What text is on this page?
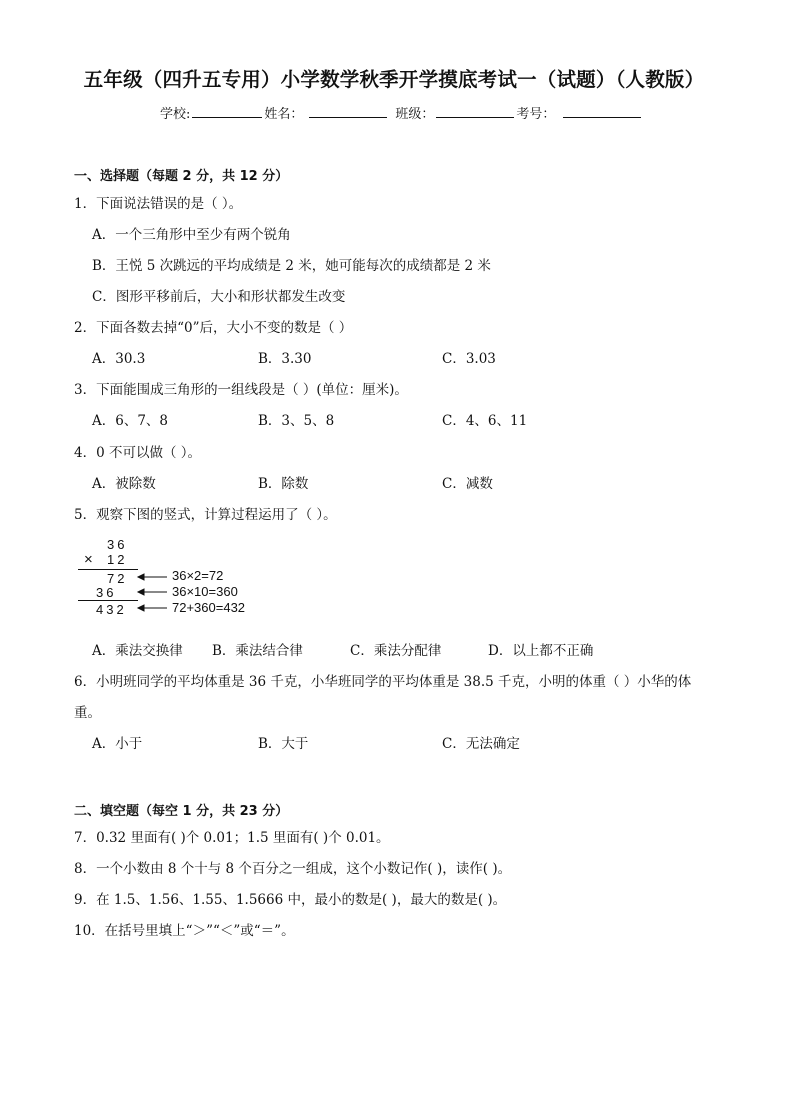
五年级（四升五专用）小学数学秋季开学摸底考试一（试题）（人教版）
学校:	姓名：	班级：	考号：
一、选择题（每题 2 分，共 12 分）
1．下面说法错误的是（ ）。
A．一个三角形中至少有两个锐角
B．王悦 5 次跳远的平均成绩是 2 米，她可能每次的成绩都是 2 米
C．图形平移前后，大小和形状都发生改变
2．下面各数去掉“0”后，大小不变的数是（ ）
A．30.3	B．3.30	C．3.03
3．下面能围成三角形的一组线段是（ ）(单位：厘米)。
A．6、7、8	B．3、5、8	C．4、6、11
4．0 不可以做（ ）。
A．被除数	B．除数	C．减数
5．观察下图的竖式，计算过程运用了（ ）。
36
× 12
72
36
432
36×2=72
36×10=360
72+360=432
A．乘法交换律 B．乘法结合律	C．乘法分配律	D．以上都不正确
6．小明班同学的平均体重是 36 千克，小华班同学的平均体重是 38.5 千克，小明的体重（ ）小华的体
重。
A．小于	B．大于	C．无法确定
二、填空题（每空 1 分，共 23 分）
7．0.32 里面有( )个 0.01；1.5 里面有( )个 0.01。
8．一个小数由 8 个十与 8 个百分之一组成，这个小数记作( )，读作( )。
9．在 1.5、1.56、1.55、1.5666 中，最小的数是( )，最大的数是( )。
10．在括号里填上“＞”“＜”或“＝”。
